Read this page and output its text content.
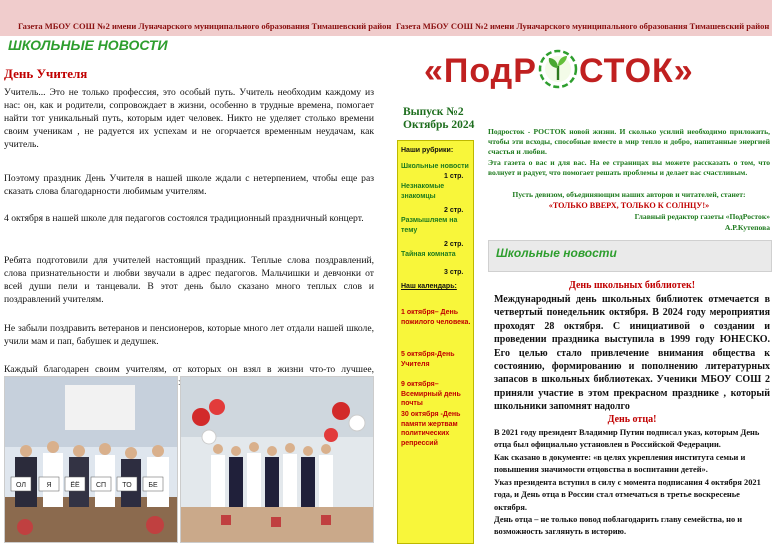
Газета МБОУ СОШ №2 имени Луначарского муниципального образования Тимашевский район Газета МБОУ СОШ №2 имени Луначарского муниципального образования Тимашевский район
ШКОЛЬНЫЕ НОВОСТИ
День Учителя

Учитель... Это не только профессия, это особый путь. Учитель необходим каждому из нас: он, как и родители, сопровождает в жизни, особенно в трудные времена, помогает найти тот уникальный путь, которым идет человек. Никто не уделяет столько времени своим ученикам , не радуется их успехам и не огорчается временным неудачам, как учитель.

Поэтому праздник День Учителя в нашей школе ждали с нетерпением, чтобы еще раз сказать слова благодарности любимым учителям.

4 октября в нашей школе для педагогов состоялся традиционный праздничный концерт.

Ребята подготовили для учителей настоящий праздник. Теплые слова поздравлений, слова признательности и любви звучали в адрес педагогов. Мальчишки и девчонки от всей души пели и танцевали. В этот день было сказано много теплых слов и поздравлений учителям.

Не забыли поздравить ветеранов и пенсионеров, которые много лет отдали нашей школе, учили мам и пап, бабушек и дедушек.

Каждый благодарен своим учителям, от которых он взял в жизни что-то лучшее,

ОЛ	Я	ЁЁ СП ТО БЕ
Выпуск №2
Октябрь 2024

Наши рубрики:

Школьные новости

1 стр.

Незнакомые знакомцы

2 стр.

Размышляем на тему

2 стр.

Тайная комната

3 стр.

Наш календарь:

1 октября– День пожилого человека.

5 октября-День Учителя

9 октября– Всемирный день почты

30 октября -День памяти жертвам политических репрессий

«ПодР СТОК»

Подросток - РОСТОК новой жизни. И сколько усилий необходимо приложить, чтобы эти всходы, способные вместе в мир тепло и добро, напитанные энергией счастья и любви.

Эта газета о вас и для вас. На ее страницах вы можете рассказать о том, что волнует и радует, что помогает решать проблемы и делает вас счастливым.

Пусть девизом, объединяющим наших авторов и читателей, станет:

«ТОЛЬКО ВВЕРХ, ТОЛЬКО К СОЛНЦУ!»

Главный редактор газеты «ПодРосток»

А.Р.Кутепова

Школьные новости
День школьных библиотек!

Международный день школьных библиотек отмечается в четвертый понедельник октября. В 2024 году мероприятия проходят 28 октября. С инициативой о создании и проведении праздника выступила в 1999 году ЮНЕСКО. Его целью стало привлечение внимания общества к состоянию, формированию и пополнению литературных запасов в школьных библиотеках. Ученики МБОУ СОШ 2 приняли участие в этом прекрасном празднике , который школьники запомнят надолго

День отца!

В 2021 году президент Владимир Путин подписал указ, которым День отца был официально установлен в Российской Федерации.

Как сказано в документе: «в целях укрепления института семьи и повышения значимости отцовства в воспитании детей».

Указ президента вступил в силу с момента подписания 4 октября 2021 года, и День отца в России стал отмечаться в третье воскресенье октября.

День отца – не только повод поблагодарить главу семейства, но и возможность заглянуть в историю.
